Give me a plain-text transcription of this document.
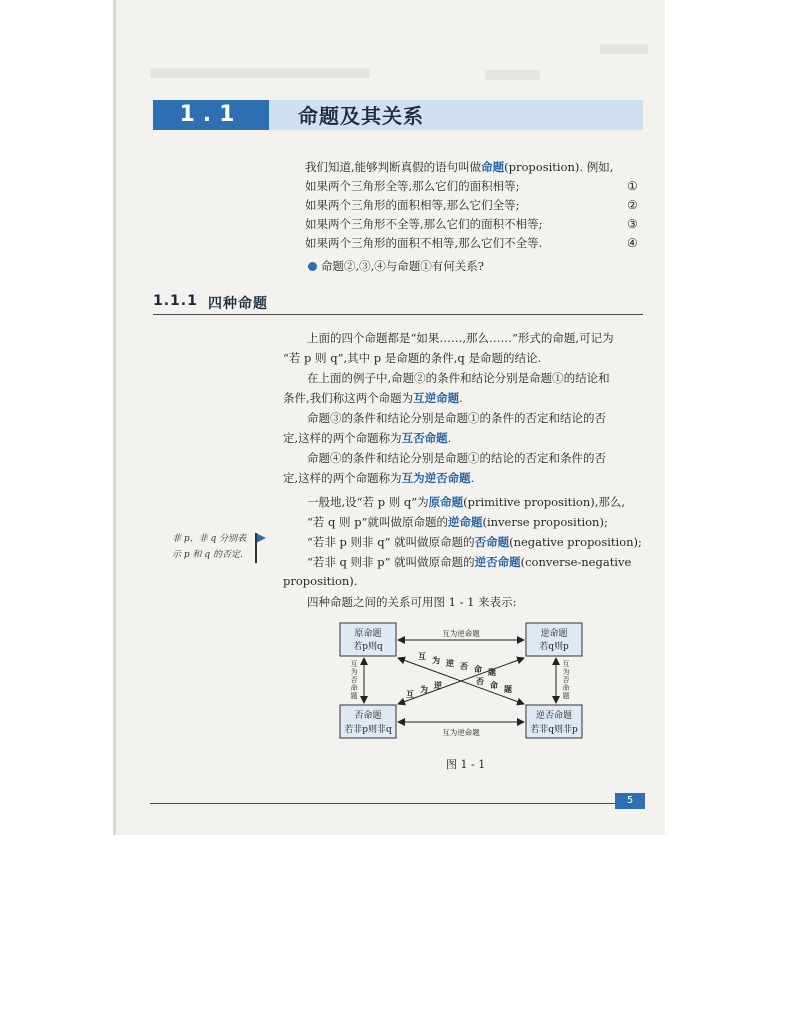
1.1	命题及其关系
我们知道,能够判断真假的语句叫做命题(proposition). 例如,
如果两个三角形全等,那么它们的面积相等;	①
如果两个三角形的面积相等,那么它们全等;	②
如果两个三角形不全等,那么它们的面积不相等;	③
如果两个三角形的面积不相等,那么它们不全等.	④
命题②,③,④与命题①有何关系?
1.1.1 四种命题
上面的四个命题都是“如果……,那么……”形式的命题,可记为
“若 p 则 q”,其中 p 是命题的条件,q 是命题的结论.
在上面的例子中,命题②的条件和结论分别是命题①的结论和
条件,我们称这两个命题为互逆命题.
命题③的条件和结论分别是命题①的条件的否定和结论的否
定,这样的两个命题称为互否命题.
命题④的条件和结论分别是命题①的结论的否定和条件的否
定,这样的两个命题称为互为逆否命题.
一般地,设“若 p 则 q”为原命题(primitive proposition),那么,
“若 q 则 p”就叫做原命题的逆命题(inverse proposition);
“若非 p 则非 q” 就叫做原命题的否命题(negative proposition);
“若非 q 则非 p” 就叫做原命题的逆否命题(converse-negative
proposition).
四种命题之间的关系可用图 1 - 1 来表示:
非 p、非 q 分别表
示 p 和 q 的否定.
原命题
若p则q
逆命题
若q则p
否命题
若非p则非q
逆否命题
若非q则非p
互为逆命题
互为逆命题
互
为
否
命
题
互
为
否
命
题
互 为 逆 否 命 题
互 为 逆	否 命 题
图 1 - 1
5
